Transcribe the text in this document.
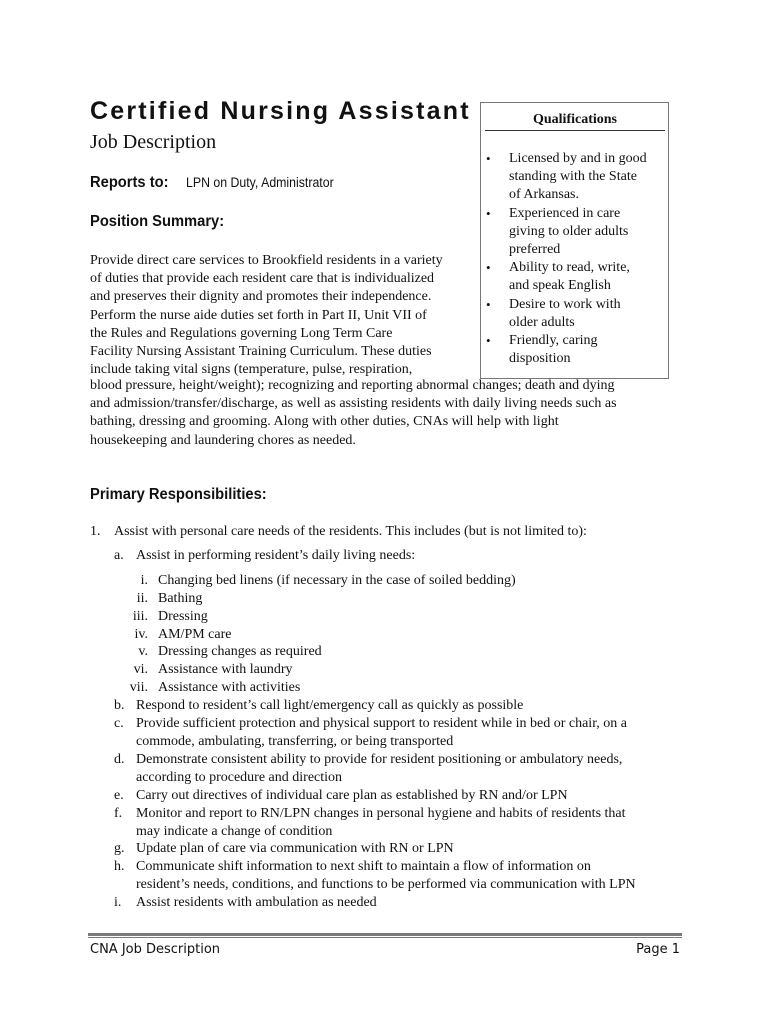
Certified Nursing Assistant
Job Description
Reports to: LPN on Duty, Administrator
Position Summary:
Provide direct care services to Brookfield residents in a variety
of duties that provide each resident care that is individualized
and preserves their dignity and promotes their independence.
Perform the nurse aide duties set forth in Part II, Unit VII of
the Rules and Regulations governing Long Term Care
Facility Nursing Assistant Training Curriculum. These duties
include taking vital signs (temperature, pulse, respiration,
blood pressure, height/weight); recognizing and reporting abnormal changes; death and dying
and admission/transfer/discharge, as well as assisting residents with daily living needs such as
bathing, dressing and grooming. Along with other duties, CNAs will help with light
housekeeping and laundering chores as needed.
Qualifications
• Licensed by and in good
standing with the State
of Arkansas.
• Experienced in care
giving to older adults
preferred
• Ability to read, write,
and speak English
• Desire to work with
older adults
• Friendly, caring
disposition
Primary Responsibilities:
1. Assist with personal care needs of the residents. This includes (but is not limited to):
a. Assist in performing resident’s daily living needs:
i. Changing bed linens (if necessary in the case of soiled bedding)
ii. Bathing
iii. Dressing
iv. AM/PM care
v. Dressing changes as required
vi. Assistance with laundry
vii. Assistance with activities
b. Respond to resident’s call light/emergency call as quickly as possible
c. Provide sufficient protection and physical support to resident while in bed or chair, on a
commode, ambulating, transferring, or being transported
d. Demonstrate consistent ability to provide for resident positioning or ambulatory needs,
according to procedure and direction
e. Carry out directives of individual care plan as established by RN and/or LPN
f. Monitor and report to RN/LPN changes in personal hygiene and habits of residents that
may indicate a change of condition
g. Update plan of care via communication with RN or LPN
h. Communicate shift information to next shift to maintain a flow of information on
resident’s needs, conditions, and functions to be performed via communication with LPN
i. Assist residents with ambulation as needed
CNA Job Description	Page 1
